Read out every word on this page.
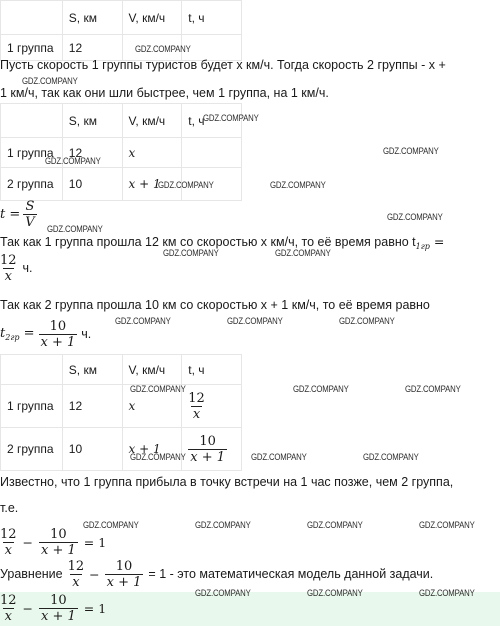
	S, км	V, км/ч	t, ч
1 группа	12		
Пусть скорость 1 группы туристов будет x км/ч. Тогда скорость 2 группы - x +
1 км/ч, так как они шли быстрее, чем 1 группа, на 1 км/ч.
	S, км	V, км/ч	t, ч
1 группа	12	x	
2 группа	10	x + 1	
$t = \frac{S}{V}$
Так как 1 группа прошла 12 км со скоростью x км/ч, то её время равно $t_{1гр}$ =
$\frac{12}{x} ч$.
Так как 2 группа прошла 10 км со скоростью x + 1 км/ч, то её время равно
$t_{2гр} = \frac{10}{x + 1} ч$.
	S, км	V, км/ч	t, ч
1 группа	12	x	$\frac{12}{x}$

2 группа	10	x + 1	$\frac{10}{x + 1}$
Известно, что 1 группа прибыла в точку встречи на 1 час позже, чем 2 группа,
т.е.
$\frac{12}{x} - \frac{10}{x + 1} = 1$
Уравнение $\frac{12}{x} - \frac{10}{x + 1} = 1$ - это математическая модель данной задачи.
$\frac{12}{x} - \frac{10}{x + 1} = 1$
GDZ.COMPANY
GDZ.COMPANY
GDZ.COMPANY
GDZ.COMPANY
GDZ.COMPANY
GDZ.COMPANY	GDZ.COMPANY
GDZ.COMPANY
GDZ.COMPANY
GDZ.COMPANY	GDZ.COMPANY
GDZ.COMPANY	GDZ.COMPANY	GDZ.COMPANY
GDZ.COMPANY	GDZ.COMPANY	GDZ.COMPANY
GDZ.COMPANY	GDZ.COMPANY	GDZ.COMPANY
GDZ.COMPANY	GDZ.COMPANY	GDZ.COMPANY	GDZ.COMPANY
GDZ.COMPANY	GDZ.COMPANY	GDZ.COMPANY
